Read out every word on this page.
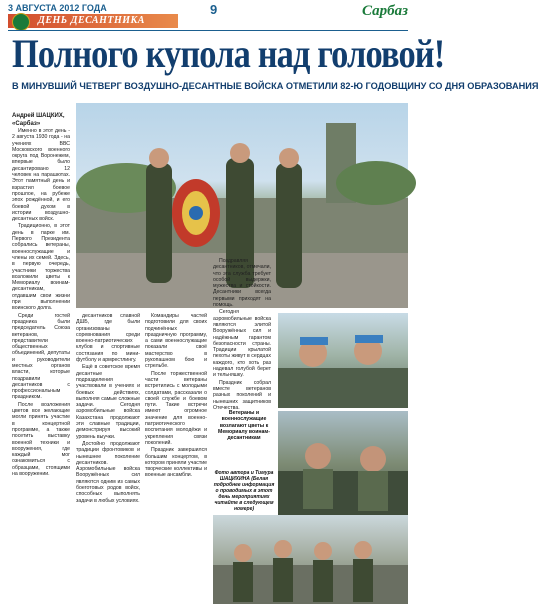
3 АВГУСТА 2012 ГОДА
ДЕНЬ ДЕСАНТНИКА
9	Сарбаз
Полного купола над головой!
В МИНУВШИЙ ЧЕТВЕРГ ВОЗДУШНО-ДЕСАНТНЫЕ ВОЙСКА ОТМЕТИЛИ 82-Ю ГОДОВЩИНУ СО ДНЯ ОБРАЗОВАНИЯ
Андрей ШАЦКИХ, «Сарбаз»

Именно в этот день - 2 августа 1930 года - на учениях ВВС Московского военного округа под Воронежем, впервые было десантировано 12 человек на парашютах. Этот памятный день и взрастил боевое прошлое, на рубеже эпох рождённой, и его боевой духом в истории воздушно-десантных войск.

Традиционно, в этот день в парке им. Первого Президента собрались ветераны, военнослужащие и члены их семей. Здесь, в первую очередь, участники торжества возложили цветы к Мемориалу воинам-десантникам, отдавшим свои жизни при выполнении воинского долга.

Среди гостей праздника были председатель Союза ветеранов, представители общественных объединений, депутаты и руководители местных органов власти, которые поздравили десантников с профессиональным праздником.

После возложения цветов все желающие могли принять участие в концертной программе, а также посетить выставку военной техники и вооружения, где каждый мог ознакомиться с образцами, стоящими на вооружении.

десантников славной ДШБ, где были организованы соревнования среди военно-патриотических клубов и спортивные состязания по мини-футболу и армрестлингу.

Ещё в советское время десантные подразделения участвовали в учениях и боевых действиях, выполняя самые сложные задачи. Сегодня аэромобильные войска Казахстана продолжают эти славные традиции, демонстрируя высокий уровень выучки.

Достойно продолжают традиции фронтовиков и нынешнее поколение десантников. Аэромобильные войска Вооружённых сил являются одним из самых боеготовых родов войск, способных выполнять задачи в любых условиях.

Командиры частей подготовили для своих подчинённых праздничную программу, а сами военнослужащие показали своё мастерство в рукопашном бою и стрельбе.

После торжественной части ветераны встретились с молодыми солдатами, рассказали о своей службе и боевом пути. Такие встречи имеют огромное значение для военно-патриотического воспитания молодёжи и укрепления связи поколений.

Праздник завершился большим концертом, в котором приняли участие творческие коллективы и военные ансамбли.

Поздравляя десантников, отмечали, что эта служба требует особой выдержки, мужества и стойкости. Десантники всегда первыми приходят на помощь.

Сегодня аэромобильные войска являются элитой Вооружённых сил и надёжным гарантом безопасности страны. Традиции крылатой пехоты живут в сердцах каждого, кто хоть раз надевал голубой берет и тельняшку.

Праздник собрал вместе ветеранов разных поколений и нынешних защитников Отечества.

Ветераны и военнослужащие возлагают цветы к Мемориалу воинам-десантникам
Фото автора и Тимура ШАЦИХИНА (Белая подробнее информация о проводимых в этот день мероприятиях читайте в следующем номере)
